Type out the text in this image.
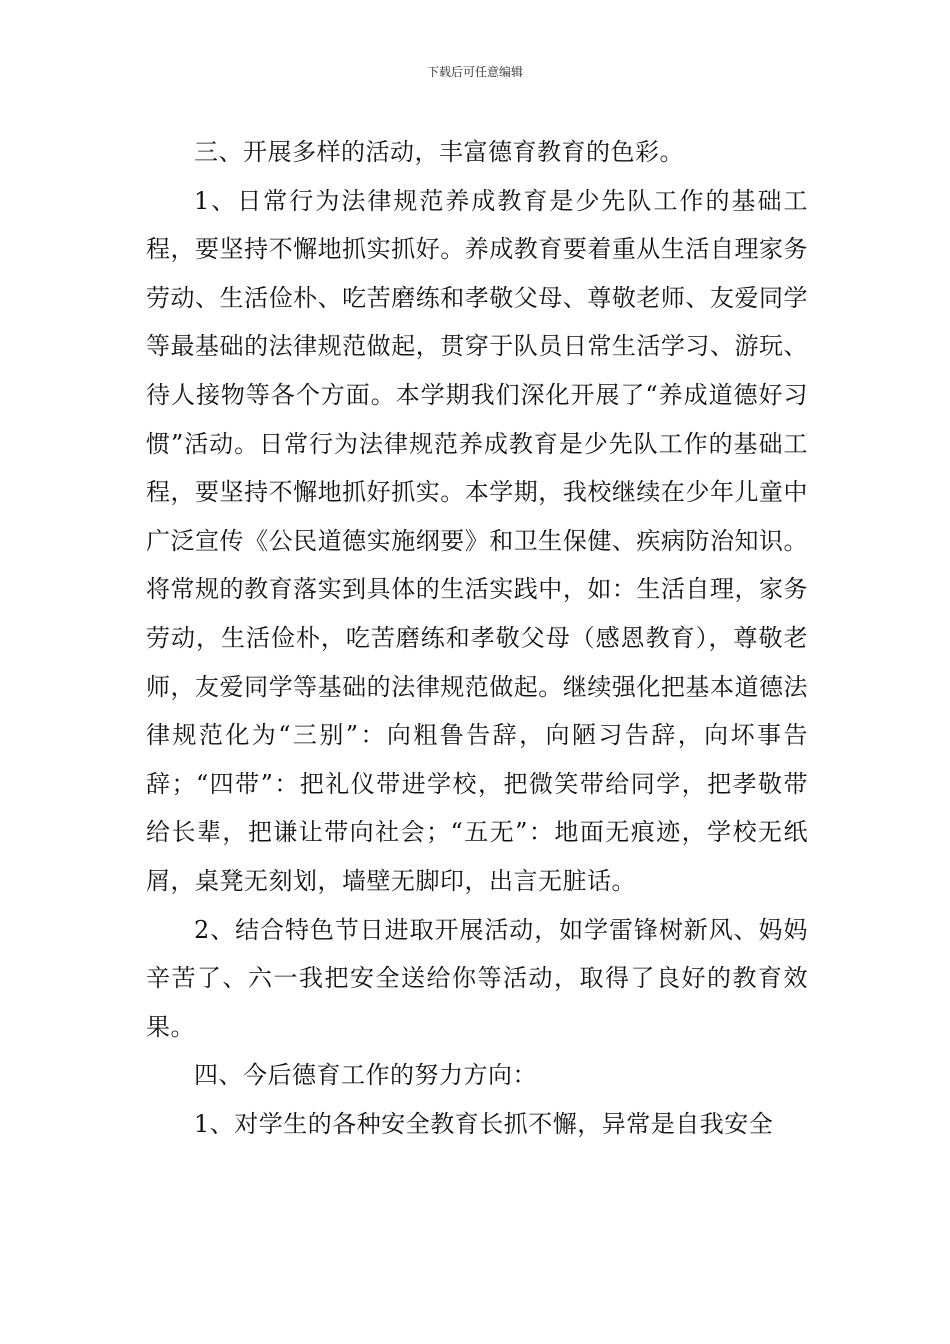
下载后可任意编辑

三、开展多样的活动，丰富德育教育的色彩。

1、日常行为法律规范养成教育是少先队工作的基础工程，要坚持不懈地抓实抓好。养成教育要着重从生活自理家务劳动、生活俭朴、吃苦磨练和孝敬父母、尊敬老师、友爱同学等最基础的法律规范做起，贯穿于队员日常生活学习、游玩、待人接物等各个方面。本学期我们深化开展了“养成道德好习惯”活动。日常行为法律规范养成教育是少先队工作的基础工程，要坚持不懈地抓好抓实。本学期，我校继续在少年儿童中广泛宣传《公民道德实施纲要》和卫生保健、疾病防治知识。将常规的教育落实到具体的生活实践中，如：生活自理，家务劳动，生活俭朴，吃苦磨练和孝敬父母（感恩教育），尊敬老师，友爱同学等基础的法律规范做起。继续强化把基本道德法律规范化为“三别”：向粗鲁告辞，向陋习告辞，向坏事告辞；“四带”：把礼仪带进学校，把微笑带给同学，把孝敬带给长辈，把谦让带向社会；“五无”：地面无痕迹，学校无纸屑，桌凳无刻划，墙壁无脚印，出言无脏话。

2、结合特色节日进取开展活动，如学雷锋树新风、妈妈辛苦了、六一我把安全送给你等活动，取得了良好的教育效果。

四、今后德育工作的努力方向：

1、对学生的各种安全教育长抓不懈，异常是自我安全
